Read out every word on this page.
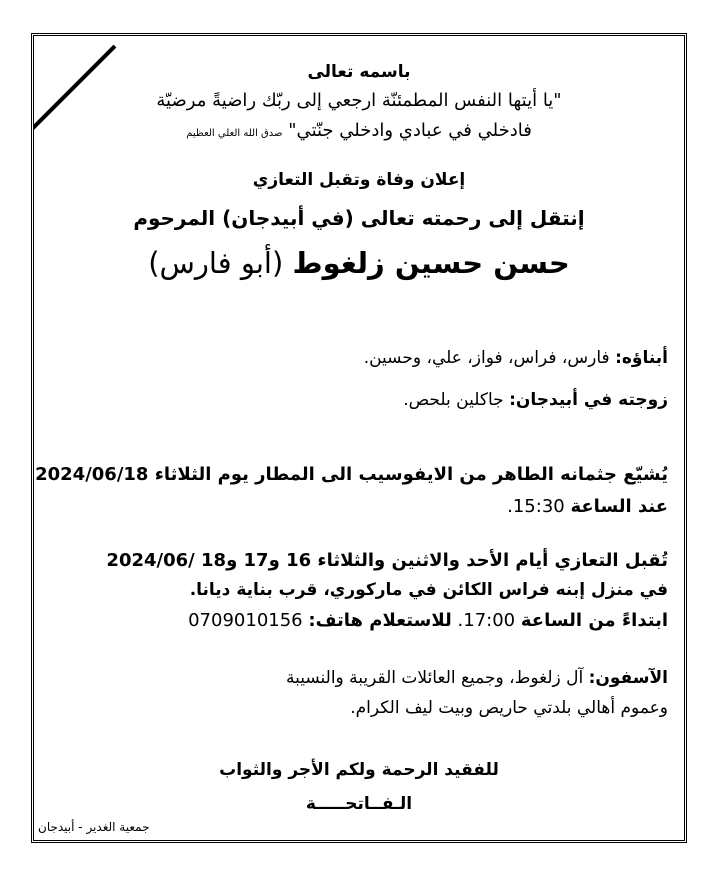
باسمه تعالى
"يا أيتها النفس المطمئنّة ارجعي إلى ربّك راضيةً مرضيّة
فادخلي في عبادي وادخلي جنّتي" صدق الله العلي العظيم
إعلان وفاة وتقبل التعازي
إنتقل إلى رحمته تعالى (في أبيدجان) المرحوم
حسن حسين زلغوط (أبو فارس)
أبناؤه: فارس، فراس، فواز، علي، وحسين.
زوجته في أبيدجان: جاكلين بلحص.
يُشيّع جثمانه الطاهر من الايفوسيب الى المطار يوم الثلاثاء 2024/06/18
عند الساعة 15:30.
تُقبل التعازي أيام الأحد والاثنين والثلاثاء 16 و17 و18 /2024/06
في منزل إبنه فراس الكائن في ماركوري، قرب بناية ديانا.
ابتداءً من الساعة 17:00. للاستعلام هاتف: 0709010156
الآسفون: آل زلغوط، وجميع العائلات القريبة والنسيبة
وعموم أهالي بلدتي حاريص وبيت ليف الكرام.
للفقيد الرحمة ولكم الأجر والثواب
الـفــاتحـــــة
جمعية الغدير - أبيدجان
